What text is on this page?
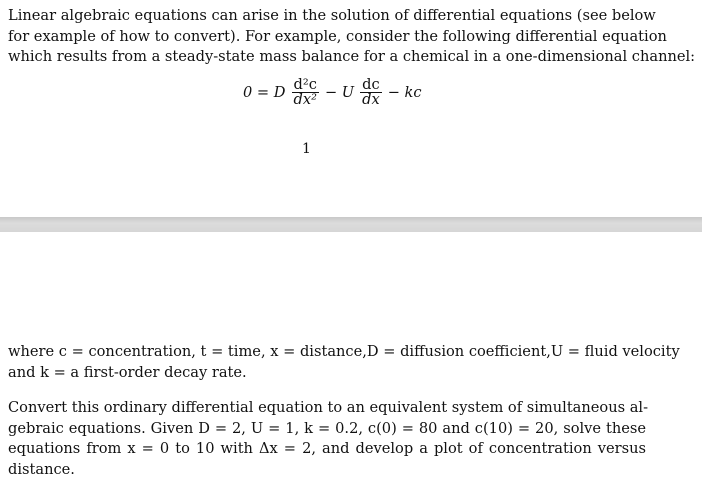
Linear algebraic equations can arise in the solution of differential equations (see below
for example of how to convert). For example, consider the following differential equation
which results from a steady-state mass balance for a chemical in a one-dimensional channel:
0 = D $\frac{\text{d²c}}{\text{dx²}} - U \frac{dc}{dx}$ − kc
1
where c = concentration, t = time, x = distance,D = diffusion coefficient,U = fluid velocity
and k = a first-order decay rate.
Convert this ordinary differential equation to an equivalent system of simultaneous al-
gebraic equations. Given D = 2, U = 1, k = 0.2, c(0) = 80 and c(10) = 20, solve these
equations from x = 0 to 10 with Δx = 2, and develop a plot of concentration versus
distance.
